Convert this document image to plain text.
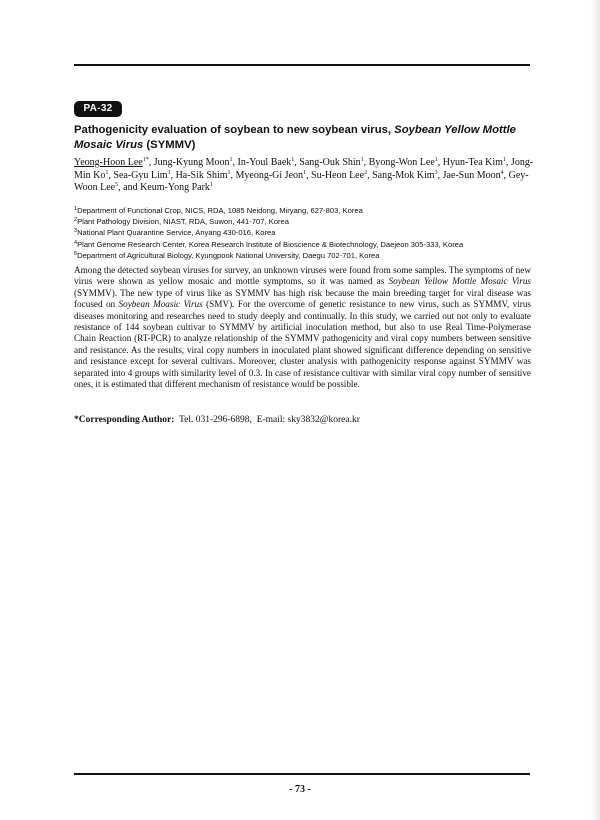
PA-32
Pathogenicity evaluation of soybean to new soybean virus, Soybean Yellow Mottle Mosaic Virus (SYMMV)
Yeong-Hoon Lee$^{1*}$, Jung-Kyung Moon$^1$, In-Youl Baek$^1$, Sang-Ouk Shin$^1$, Byong-Won Lee$^1$, Hyun-Tea Kim$^1$, Jong-Min Ko$^1$, Sea-Gyu Lim$^1$, Ha-Sik Shim$^1$, Myeong-Gi Jeon$^1$, Su-Heon Lee$^2$, Sang-Mok Kim$^3$, Jae-Sun Moon$^4$, Gey-Woon Lee$^5$, and Keum-Yong Park$^1$
$^1$Department of Functional Crop, NICS, RDA, 1085 Neidong, Miryang, 627-803, Korea
$^2$Plant Pathology Division, NIAST, RDA, Suwon, 441-707, Korea
$^3$National Plant Quarantine Service, Anyang 430-016, Korea
$^4$Plant Genome Research Center, Korea Research Institute of Bioscience & Biotechnology, Daejeon 305-333, Korea
$^5$Department of Agricultural Biology, Kyungpook National University, Daegu 702-701, Korea
Among the detected soybean viruses for survey, an unknown viruses were found from some samples. The symptoms of new virus were shown as yellow mosaic and mottle symptoms, so it was named as Soybean Yellow Mottle Mosaic Virus (SYMMV). The new type of virus like as SYMMV has high risk because the main breeding target for viral disease was focused on Soybean Moasic Virus (SMV). For the overcome of genetic resistance to new virus, such as SYMMV, virus diseases monitoring and researches need to study deeply and continually. In this study, we carried out not only to evaluate resistance of 144 soybean cultivar to SYMMV by artificial inoculation method, but also to use Real Time-Polymerase Chain Reaction (RT-PCR) to analyze relationship of the SYMMV pathogenicity and viral copy numbers between sensitive and resistance. As the results, viral copy numbers in inoculated plant showed significant difference depending on sensitive and resistance except for several cultivars. Moreover, cluster analysis with pathogenicity response against SYMMV was separated into 4 groups with similarity level of 0.3. In case of resistance cultivar with similar viral copy number of sensitive ones, it is estimated that different mechanism of resistance would be possible.
*Corresponding Author: Tel. 031-296-6898, E-mail: sky3832@korea.kr
- 73 -
